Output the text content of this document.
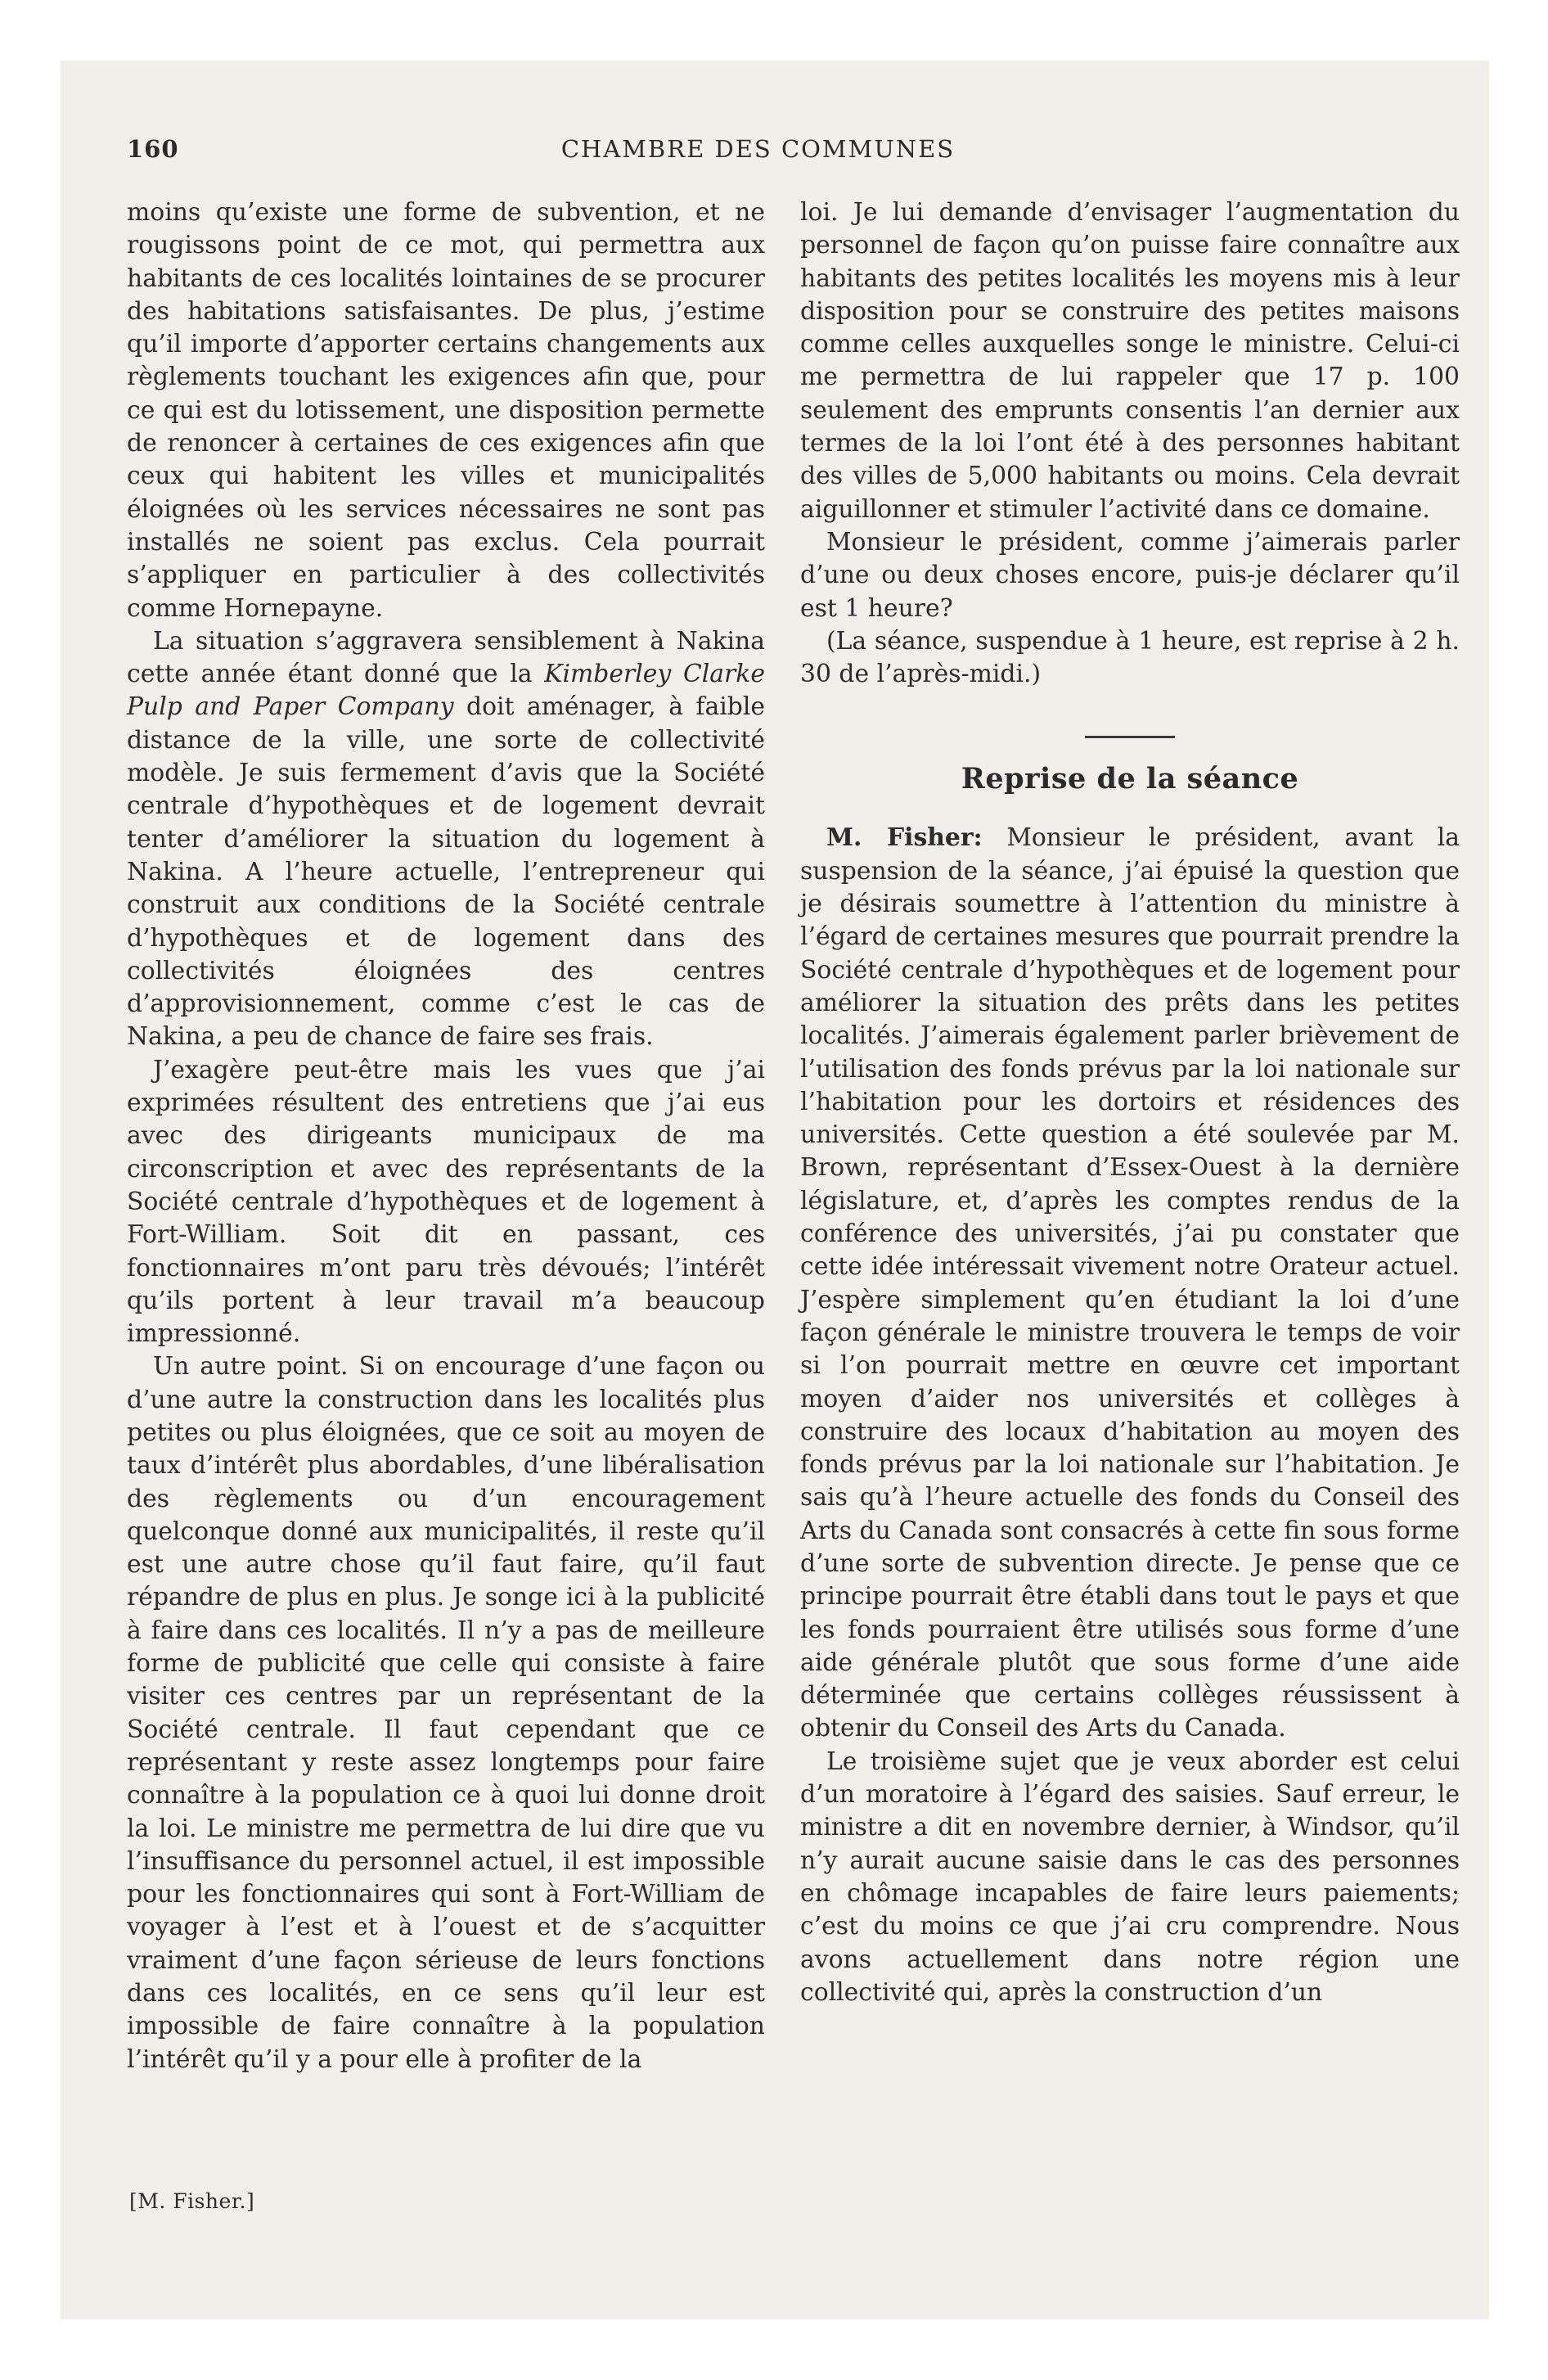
160	CHAMBRE DES COMMUNES

moins qu’existe une forme de subvention, et ne rougissons point de ce mot, qui permettra aux habitants de ces localités lointaines de se procurer des habitations satisfaisantes. De plus, j’estime qu’il importe d’apporter certains changements aux règlements touchant les exigences afin que, pour ce qui est du lotissement, une disposition permette de renoncer à certaines de ces exigences afin que ceux qui habitent les villes et municipalités éloignées où les services nécessaires ne sont pas installés ne soient pas exclus. Cela pourrait s’appliquer en particulier à des collectivités comme Hornepayne.

La situation s’aggravera sensiblement à Nakina cette année étant donné que la Kimberley Clarke Pulp and Paper Company doit aménager, à faible distance de la ville, une sorte de collectivité modèle. Je suis fermement d’avis que la Société centrale d’hypothèques et de logement devrait tenter d’améliorer la situation du logement à Nakina. A l’heure actuelle, l’entrepreneur qui construit aux conditions de la Société centrale d’hypothèques et de logement dans des collectivités éloignées des centres d’approvisionnement, comme c’est le cas de Nakina, a peu de chance de faire ses frais.

J’exagère peut-être mais les vues que j’ai exprimées résultent des entretiens que j’ai eus avec des dirigeants municipaux de ma circonscription et avec des représentants de la Société centrale d’hypothèques et de logement à Fort-William. Soit dit en passant, ces fonctionnaires m’ont paru très dévoués; l’intérêt qu’ils portent à leur travail m’a beaucoup impressionné.

Un autre point. Si on encourage d’une façon ou d’une autre la construction dans les localités plus petites ou plus éloignées, que ce soit au moyen de taux d’intérêt plus abordables, d’une libéralisation des règlements ou d’un encouragement quelconque donné aux municipalités, il reste qu’il est une autre chose qu’il faut faire, qu’il faut répandre de plus en plus. Je songe ici à la publicité à faire dans ces localités. Il n’y a pas de meilleure forme de publicité que celle qui consiste à faire visiter ces centres par un représentant de la Société centrale. Il faut cependant que ce représentant y reste assez longtemps pour faire connaître à la population ce à quoi lui donne droit la loi. Le ministre me permettra de lui dire que vu l’insuffisance du personnel actuel, il est impossible pour les fonctionnaires qui sont à Fort-William de voyager à l’est et à l’ouest et de s’acquitter vraiment d’une façon sérieuse de leurs fonctions dans ces localités, en ce sens qu’il leur est impossible de faire connaître à la population l’intérêt qu’il y a pour elle à profiter de la

loi. Je lui demande d’envisager l’augmentation du personnel de façon qu’on puisse faire connaître aux habitants des petites localités les moyens mis à leur disposition pour se construire des petites maisons comme celles auxquelles songe le ministre. Celui-ci me permettra de lui rappeler que 17 p. 100 seulement des emprunts consentis l’an dernier aux termes de la loi l’ont été à des personnes habitant des villes de 5,000 habitants ou moins. Cela devrait aiguillonner et stimuler l’activité dans ce domaine.

Monsieur le président, comme j’aimerais parler d’une ou deux choses encore, puis-je déclarer qu’il est 1 heure?

(La séance, suspendue à 1 heure, est reprise à 2 h. 30 de l’après-midi.)

Reprise de la séance

M. Fisher: Monsieur le président, avant la suspension de la séance, j’ai épuisé la question que je désirais soumettre à l’attention du ministre à l’égard de certaines mesures que pourrait prendre la Société centrale d’hypothèques et de logement pour améliorer la situation des prêts dans les petites localités. J’aimerais également parler brièvement de l’utilisation des fonds prévus par la loi nationale sur l’habitation pour les dortoirs et résidences des universités. Cette question a été soulevée par M. Brown, représentant d’Essex-Ouest à la dernière législature, et, d’après les comptes rendus de la conférence des universités, j’ai pu constater que cette idée intéressait vivement notre Orateur actuel. J’espère simplement qu’en étudiant la loi d’une façon générale le ministre trouvera le temps de voir si l’on pourrait mettre en œuvre cet important moyen d’aider nos universités et collèges à construire des locaux d’habitation au moyen des fonds prévus par la loi nationale sur l’habitation. Je sais qu’à l’heure actuelle des fonds du Conseil des Arts du Canada sont consacrés à cette fin sous forme d’une sorte de subvention directe. Je pense que ce principe pourrait être établi dans tout le pays et que les fonds pourraient être utilisés sous forme d’une aide générale plutôt que sous forme d’une aide déterminée que certains collèges réussissent à obtenir du Conseil des Arts du Canada.

Le troisième sujet que je veux aborder est celui d’un moratoire à l’égard des saisies. Sauf erreur, le ministre a dit en novembre dernier, à Windsor, qu’il n’y aurait aucune saisie dans le cas des personnes en chômage incapables de faire leurs paiements; c’est du moins ce que j’ai cru comprendre. Nous avons actuellement dans notre région une collectivité qui, après la construction d’un

[M. Fisher.]
